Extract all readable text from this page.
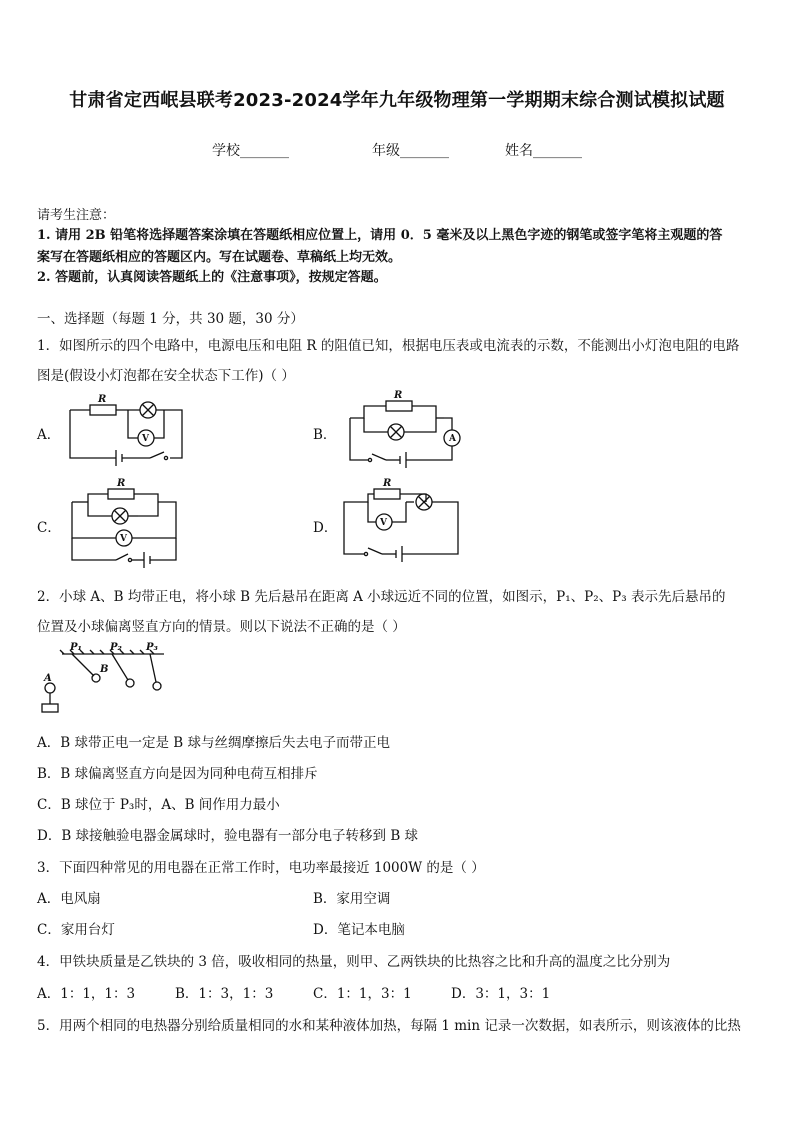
甘肃省定西岷县联考2023-2024学年九年级物理第一学期期末综合测试模拟试题
学校_______	年级_______	姓名_______
请考生注意：
1. 请用 2B 铅笔将选择题答案涂填在答题纸相应位置上，请用 0．5 毫米及以上黑色字迹的钢笔或签字笔将主观题的答
案写在答题纸相应的答题区内。写在试题卷、草稿纸上均无效。
2. 答题前，认真阅读答题纸上的《注意事项》，按规定答题。
一、选择题（每题 1 分，共 30 题，30 分）
1．如图所示的四个电路中，电源电压和电阻 R 的阻值已知，根据电压表或电流表的示数，不能测出小灯泡电阻的电路
图是(假设小灯泡都在安全状态下工作)（ ）
A．
R
V	B．
R
A
C．
R
V
D．
R
V
2．小球 A、B 均带正电，将小球 B 先后悬吊在距离 A 小球远近不同的位置，如图示，P₁、P₂、P₃ 表示先后悬吊的
位置及小球偏离竖直方向的情景。则以下说法不正确的是（ ）
P₁	P₂ P₃
A
B
A．B 球带正电一定是 B 球与丝绸摩擦后失去电子而带正电
B．B 球偏离竖直方向是因为同种电荷互相排斥
C．B 球位于 P₃时，A、B 间作用力最小
D．B 球接触验电器金属球时，验电器有一部分电子转移到 B 球
3．下面四种常见的用电器在正常工作时，电功率最接近 1000W 的是（ ）
A．电风扇	B．家用空调
C．家用台灯	D．笔记本电脑
4．甲铁块质量是乙铁块的 3 倍，吸收相同的热量，则甲、乙两铁块的比热容之比和升高的温度之比分别为
A．1：1，1：3	B．1：3，1：3	C．1：1，3：1	D．3：1，3：1
5．用两个相同的电热器分别给质量相同的水和某种液体加热，每隔 1 min 记录一次数据，如表所示，则该液体的比热
